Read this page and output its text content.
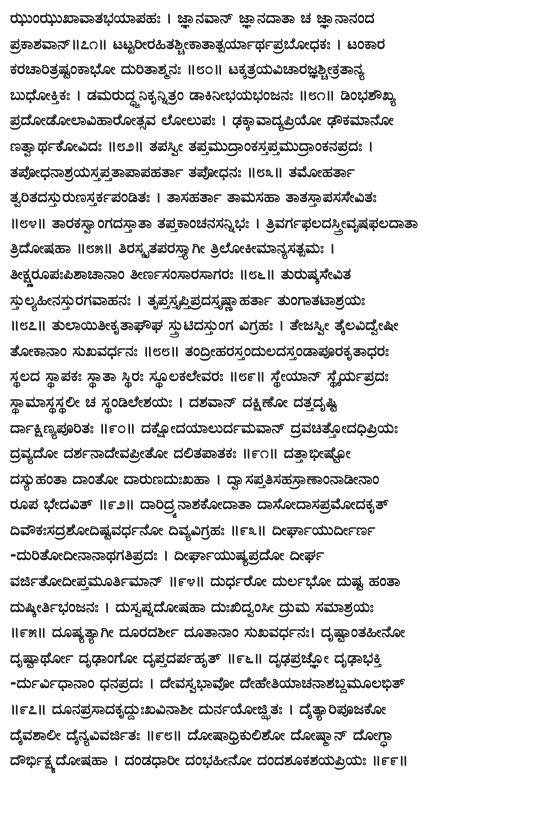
ಝುಂಝುಖಾವಾತಭಯಾಪಹಃ । ಜ್ಞಾನವಾನ್ ಜ್ಞಾನದಾತಾ ಚ ಜ್ಞಾನಾನಂದ
ಪ್ರಕಾಶವಾನ್॥೭೧॥ ಟಟ್ಟರೀರಹಿತಶ್ಚೀಕಾತಾತ್ಪರ್ಯಾರ್ಥಪ್ರಬೋಧಕಃ । ಟಂಕಾರ
ಕರಚಾರಿತ್ರಷ್ಟಂಕಾಭೋ ದುರಿತಾಶ್ಮನಃ ॥೮೦॥ ಟಕ್ಕತ್ರಯವಿಚಾರಜ್ಞಶ್ಚೀಕ್ರತಾನ್ಯ
ಬುಧೋಕ್ತಿಕಃ । ಡಮರುದ್ಧ್ವನಿಕೃನ್ನಿತ್ರಂ ಡಾಕಿನೀಭಯಭಂಜನಃ ॥೮೧॥ ಡಿಂಭಶೌಖ್ಯ
ಪ್ರದೋಡೋಲಾವಿಹಾರೋತ್ಸವ ಲೋಲುಪಃ । ಢಕ್ಕಾವಾದ್ಯಪ್ರಿಯೋ ಢೌಕಮಾನೋ
ಣತ್ವಾರ್ಥಕೋವಿದಃ ॥೮೨॥ ತಪಸ್ವೀ ತಪ್ತಮುದ್ರಾಂಕಸ್ತಪ್ತಮುದ್ರಾಂಕನಪ್ರದಃ ।
ತಪೋಧನಾಶ್ರಯಸ್ತಪ್ತತಾಪಾಪಹರ್ತಾ ತಪೋಧನಃ ॥೮೩॥ ತಮೋಹರ್ತಾ
ತ್ವರಿತದಸ್ತುರುಣಸ್ತರ್ಕಪಂಡಿತಃ । ತಾಸಹರ್ತಾ ತಾಮಸಹಾ ತಾತಸ್ತಾಪಸಸೇವಿತಃ
॥೮೪॥ ತಾರಕಸ್ವಾಂಗದಸ್ತಾತಾ ತಪ್ತಕಾಂಚನಸನ್ನಿಭಃ । ತ್ರಿವರ್ಗಫಲದಸ್ತ್ರೀವೃಷಫಲದಾತಾ
ತ್ರಿದೋಷಹಾ ॥೮೫॥ ತಿರಸ್ಕೃತಪರಸ್ತ್ಯಾಗೀ ತ್ರಿಲೋಕೀಮಾನ್ಯಸತ್ಪಮಃ ।
ತೀಕ್ಷ್ಣರೂಪಃಪಿಶಾಚಾನಾಂ ತೀರ್ಣಸಂಸಾರಸಾಗರಃ ॥೮೬॥ ತುರುಷ್ಕಸೇವಿತ
ಸ್ತುಲ್ಯಹೀನಸ್ತುರಗವಾಹನಃ । ತೃಪ್ತಸ್ತೃಪ್ತಿಪ್ರದಸ್ತೃಷ್ಣಾಹರ್ತಾ ತುಂಗಾತಟಾಶ್ರಯಃ
॥೮೭॥ ತುಲಾಯಿತೀಕೃತಾಘೌಘ ಸ್ತ್ರುಟಿದಸ್ತುಂಗ ವಿಗ್ರಹಃ । ತೇಜಸ್ವೀ ತೈಲವಿದ್ವೇಷೀ
ತೋಕಾನಾಂ ಸುಖವರ್ಧನಃ ॥೮೮॥ ತಂದ್ರೀಹರಸ್ತಂದುಲದಸ್ತಂಡಾಪೂರಕೃತಾಧರಃ
ಸ್ಥಲದ ಸ್ಥಾಪಕಃ ಸ್ಥಾತಾ ಸ್ಥಿರಃ ಸ್ಥೂಲಕಲೇವರಃ ॥೮೯॥ ಸ್ಥೇಯಾನ್ ಸ್ಥೈರ್ಯಪ್ರದಃ
ಸ್ಥಾಮಾಸ್ಥಸ್ಥಲೀ ಚ ಸ್ಥಂಡಿಲೇಶಯಃ । ದಶವಾನ್ ದಕ್ಷಿಣೋ ದತ್ತದೃಷ್ಟಿ
ರ್ದಾಕ್ಷಿಣ್ಯಪೂರಿತಃ ॥೯೦॥ ದಕ್ಷೋದಯಾಲುರ್ದಮವಾನ್ ದ್ರವಚಿತ್ತೋದಧಿಪ್ರಿಯಃ
ದ್ರವ್ಯದೋ ದರ್ಶನಾದೇವಪ್ರೀತೋ ದಲಿತಪಾತಕಃ ॥೯೧॥ ದತ್ತಾಭೀಷ್ಟೋ
ದಸ್ಯುಹಂತಾ ದಾಂತೋ ದಾರುಣದುಃಖಹಾ । ದ್ವಾಸಪ್ತತಿಸಹಸ್ರಾಣಾಂನಾಡೀನಾಂ
ರೂಪ ಭೇದವಿತ್ ॥೯೨॥ ದಾರಿದ್ರ್ಯನಾಶಕೋದಾತಾ ದಾಸೋದಾಸಪ್ರಮೋದಕೃತ್
ದಿವೌಕಃಸದ್ರಶೋದಿಷ್ಟವರ್ಧನೋ ದಿವ್ಯವಿಗ್ರಹಃ ॥೯೩॥ ದೀರ್ಘಾಯುರ್ದೀರ್ಣ
-ದುರಿತೋದೀನಾನಾಥಗತಿಪ್ರದಃ । ದೀರ್ಘಾಯುಷ್ಯಪ್ರದೋ ದೀರ್ಘ
ವರ್ಜಿತೋದೀಪ್ತಮೂರ್ತಿಮಾನ್ ॥೯೪॥ ದುರ್ಧರೋ ದುರ್ಲಭೋ ದುಷ್ಟ ಹಂತಾ
ದುಷ್ಕೀರ್ತಿಭಂಜನಃ । ದುಸ್ವಪ್ನದೋಷಹಾ ದುಃಖಿದ್ವಂಸೀ ದ್ರುಮ ಸಮಾಶ್ರಯಃ
॥೯೫॥ ದೂಷ್ಯತ್ಯಾಗೀ ದೂರದರ್ಶೀ ದೂತಾನಾಂ ಸುಖವರ್ಧನಃ। ದೃಷ್ಟಾಂತಹೀನೋ
ದೃಷ್ಟಾರ್ಥೋ ದೃಢಾಂಗೋ ದೃಪ್ತದರ್ಪಹೃತ್ ॥೯೬॥ ದೃಢಪ್ರಜ್ಞೋ ದೃಢಾಭಕ್ತಿ
-ರ್ದುರ್ವಿಧಾನಾಂ ಧನಪ್ರದಃ । ದೇವಸ್ವಭಾವೋ ದೇಹೇತಿಯಾಚನಾಶಬ್ದಮೂಲಭಿತ್
॥೯೭॥ ದೂನಪ್ರಸಾದಕೃದ್ದುಃಖವಿನಾಶೀ ದುರ್ನಯೋಜ್ಝಿತಃ । ದೈತ್ಯಾರಿಪೂಜಕೋ
ದೈವಶಾಲೀ ದೈನ್ಯವಿವರ್ಜಿತಃ ॥೯೮॥ ದೋಷಾಧ್ರಿಕುಲಿಶೋ ದೋಷ್ಮಾನ್ ದೋಗ್ಧಾ
ದೌರ್ಭಿಕ್ಷ್ಯದೋಷಹಾ । ದಂಡಧಾರೀ ದಂಭಹೀನೋ ದಂದಶೂಕಶಯಪ್ರಿಯಃ ॥೯೯॥
